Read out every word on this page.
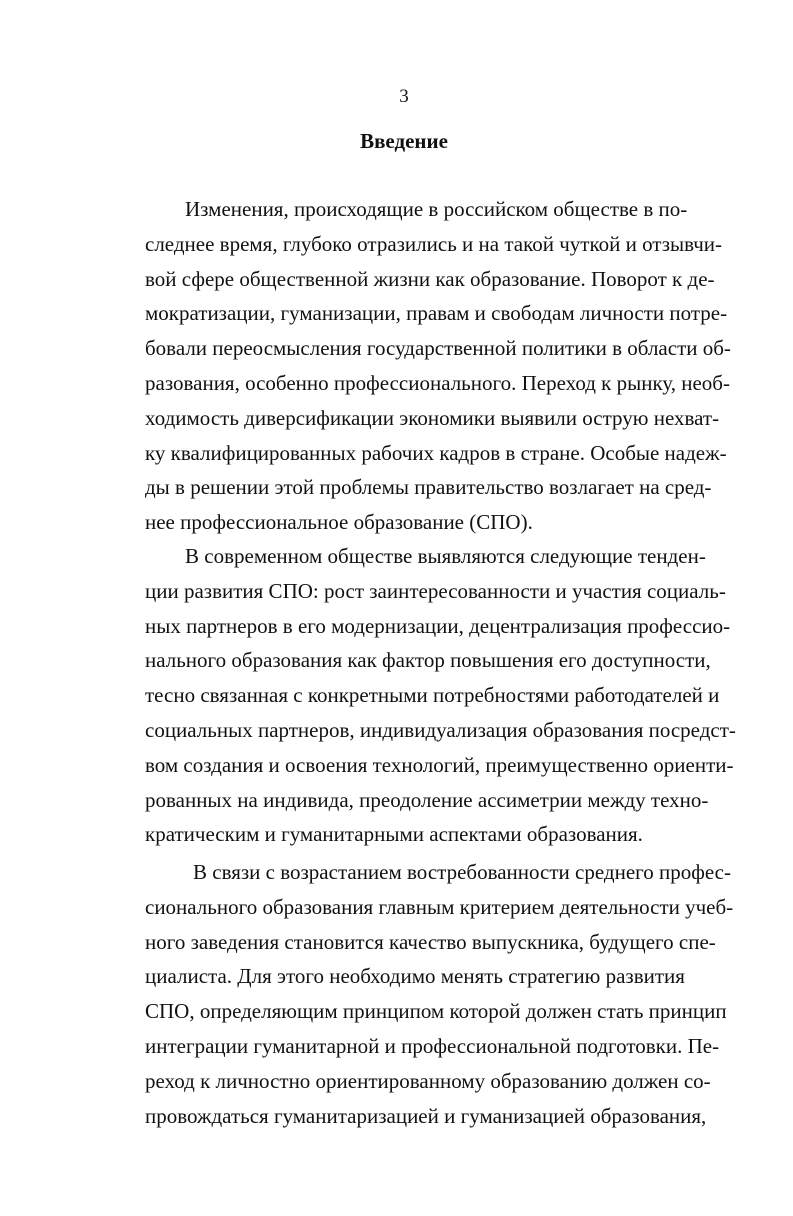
3
Введение
Изменения, происходящие в российском обществе в по-
следнее время, глубоко отразились и на такой чуткой и отзывчи-
вой сфере общественной жизни как образование. Поворот к де-
мократизации, гуманизации, правам и свободам личности потре-
бовали переосмысления государственной политики в области об-
разования, особенно профессионального. Переход к рынку, необ-
ходимость диверсификации экономики выявили острую нехват-
ку квалифицированных рабочих кадров в стране. Особые надеж-
ды в решении этой проблемы правительство возлагает на сред-
нее профессиональное образование (СПО).
В современном обществе выявляются следующие тенден-
ции развития СПО: рост заинтересованности и участия социаль-
ных партнеров в его модернизации, децентрализация профессио-
нального образования как фактор повышения его доступности,
тесно связанная с конкретными потребностями работодателей и
социальных партнеров, индивидуализация образования посредст-
вом создания и освоения технологий, преимущественно ориенти-
рованных на индивида, преодоление ассиметрии между техно-
кратическим и гуманитарными аспектами образования.
В связи с возрастанием востребованности среднего профес-
сионального образования главным критерием деятельности учеб-
ного заведения становится качество выпускника, будущего спе-
циалиста. Для этого необходимо менять стратегию развития
СПО, определяющим принципом которой должен стать принцип
интеграции гуманитарной и профессиональной подготовки. Пе-
реход к личностно ориентированному образованию должен со-
провождаться гуманитаризацией и гуманизацией образования,
